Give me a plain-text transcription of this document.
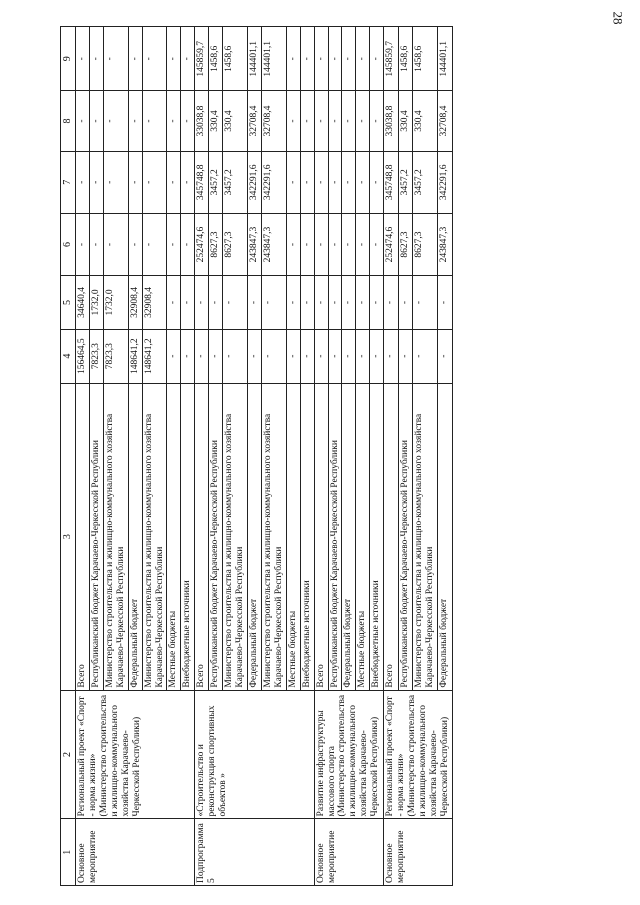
28
1	2	3	4	5	6	7	8	9
Основное мероприятие	Региональный проект «Спорт - норма жизни» (Министерство строительства и жилищно-коммунального хозяйства Карачаево-Черкесской Республики)	Всего	156464,5	34640,4	-	-	-	-
		Республиканский бюджет Карачаево-Черкесской Республики	7823,3	1732,0	-	-	-	-
		Министерство строительства и жилищно-коммунального хозяйства Карачаево-Черкесской Республики	7823,3	1732,0	-	-	-	-
		Федеральный бюджет	148641,2	32908,4	-	-	-	-
		Министерство строительства и жилищно-коммунального хозяйства Карачаево-Черкесской Республики	148641,2	32908,4	-	-	-	-
		Местные бюджеты	-	-	-	-	-	-
		Внебюджетные источники	-	-	-	-	-	-
Подпрограмма 5	«Строительство и реконструкция спортивных объектов »	Всего	-	-	252474,6	345748,8	33038,8	145859,7
		Республиканский бюджет Карачаево-Черкесской Республики	-	-	8627,3	3457,2	330,4	1458,6
		Министерство строительства и жилищно-коммунального хозяйства Карачаево-Черкесской Республики	-	-	8627,3	3457,2	330,4	1458,6
		Федеральный бюджет	-	-	243847,3	342291,6	32708,4	144401,1
		Министерство строительства и жилищно-коммунального хозяйства Карачаево-Черкесской Республики	-	-	243847,3	342291,6	32708,4	144401,1
		Местные бюджеты	-	-	-	-	-	-
		Внебюджетные источники	-	-	-	-	-	-
Основное мероприятие	Развитие инфраструктуры массового спорта (Министерство строительства и жилищно-коммунального хозяйства Карачаево-Черкесской Республики)	Всего	-	-	-	-	-	-
		Республиканский бюджет Карачаево-Черкесской Республики	-	-	-	-	-	-
		Федеральный бюджет	-	-	-	-	-	-
		Местные бюджеты	-	-	-	-	-	-
		Внебюджетные источники	-	-	-	-	-	-
Основное мероприятие	Региональный проект «Спорт - норма жизни» (Министерство строительства и жилищно-коммунального хозяйства Карачаево-Черкесской Республики)	Всего	-	-	252474,6	345748,8	33038,8	145859,7
		Республиканский бюджет Карачаево-Черкесской Республики	-	-	8627,3	3457,2	330,4	1458,6
		Министерство строительства и жилищно-коммунального хозяйства Карачаево-Черкесской Республики	-	-	8627,3	3457,2	330,4	1458,6
		Федеральный бюджет	-	-	243847,3	342291,6	32708,4	144401,1
